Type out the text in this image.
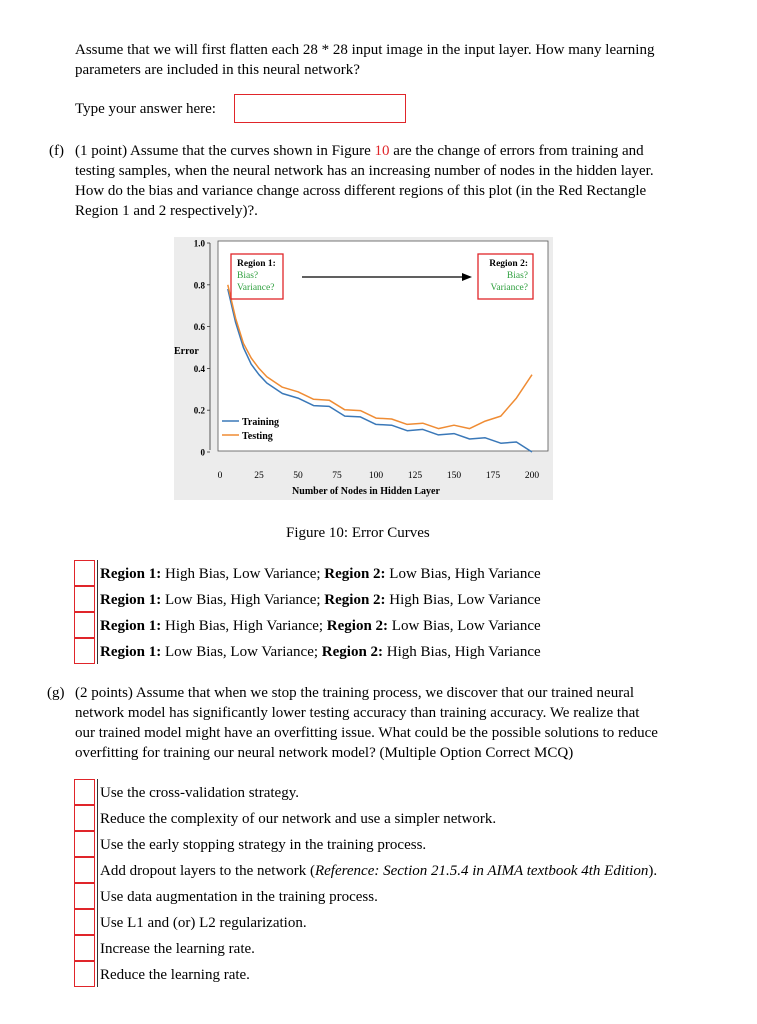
Assume that we will first flatten each 28 * 28 input image in the input layer. How many learning
parameters are included in this neural network?
Type your answer here:
(f) (1 point) Assume that the curves shown in Figure 10 are the change of errors from training and
testing samples, when the neural network has an increasing number of nodes in the hidden layer.
How do the bias and variance change across different regions of this plot (in the Red Rectangle
Region 1 and 2 respectively)?.
0
0.2
0.4
0.6
0.8
1.0
0	25	50	75	100	125	150	175	200
Error
Number of Nodes in Hidden Layer
Region 1:
Bias?
Variance?
Region 2:
Bias?
Variance?
Training
Testing
Figure 10: Error Curves
Region 1: High Bias, Low Variance; Region 2: Low Bias, High Variance
Region 1: Low Bias, High Variance; Region 2: High Bias, Low Variance
Region 1: High Bias, High Variance; Region 2: Low Bias, Low Variance
Region 1: Low Bias, Low Variance; Region 2: High Bias, High Variance
(g) (2 points) Assume that when we stop the training process, we discover that our trained neural
network model has significantly lower testing accuracy than training accuracy. We realize that
our trained model might have an overfitting issue. What could be the possible solutions to reduce
overfitting for training our neural network model? (Multiple Option Correct MCQ)
Use the cross-validation strategy.
Reduce the complexity of our network and use a simpler network.
Use the early stopping strategy in the training process.
Add dropout layers to the network (Reference: Section 21.5.4 in AIMA textbook 4th Edition).
Use data augmentation in the training process.
Use L1 and (or) L2 regularization.
Increase the learning rate.
Reduce the learning rate.
